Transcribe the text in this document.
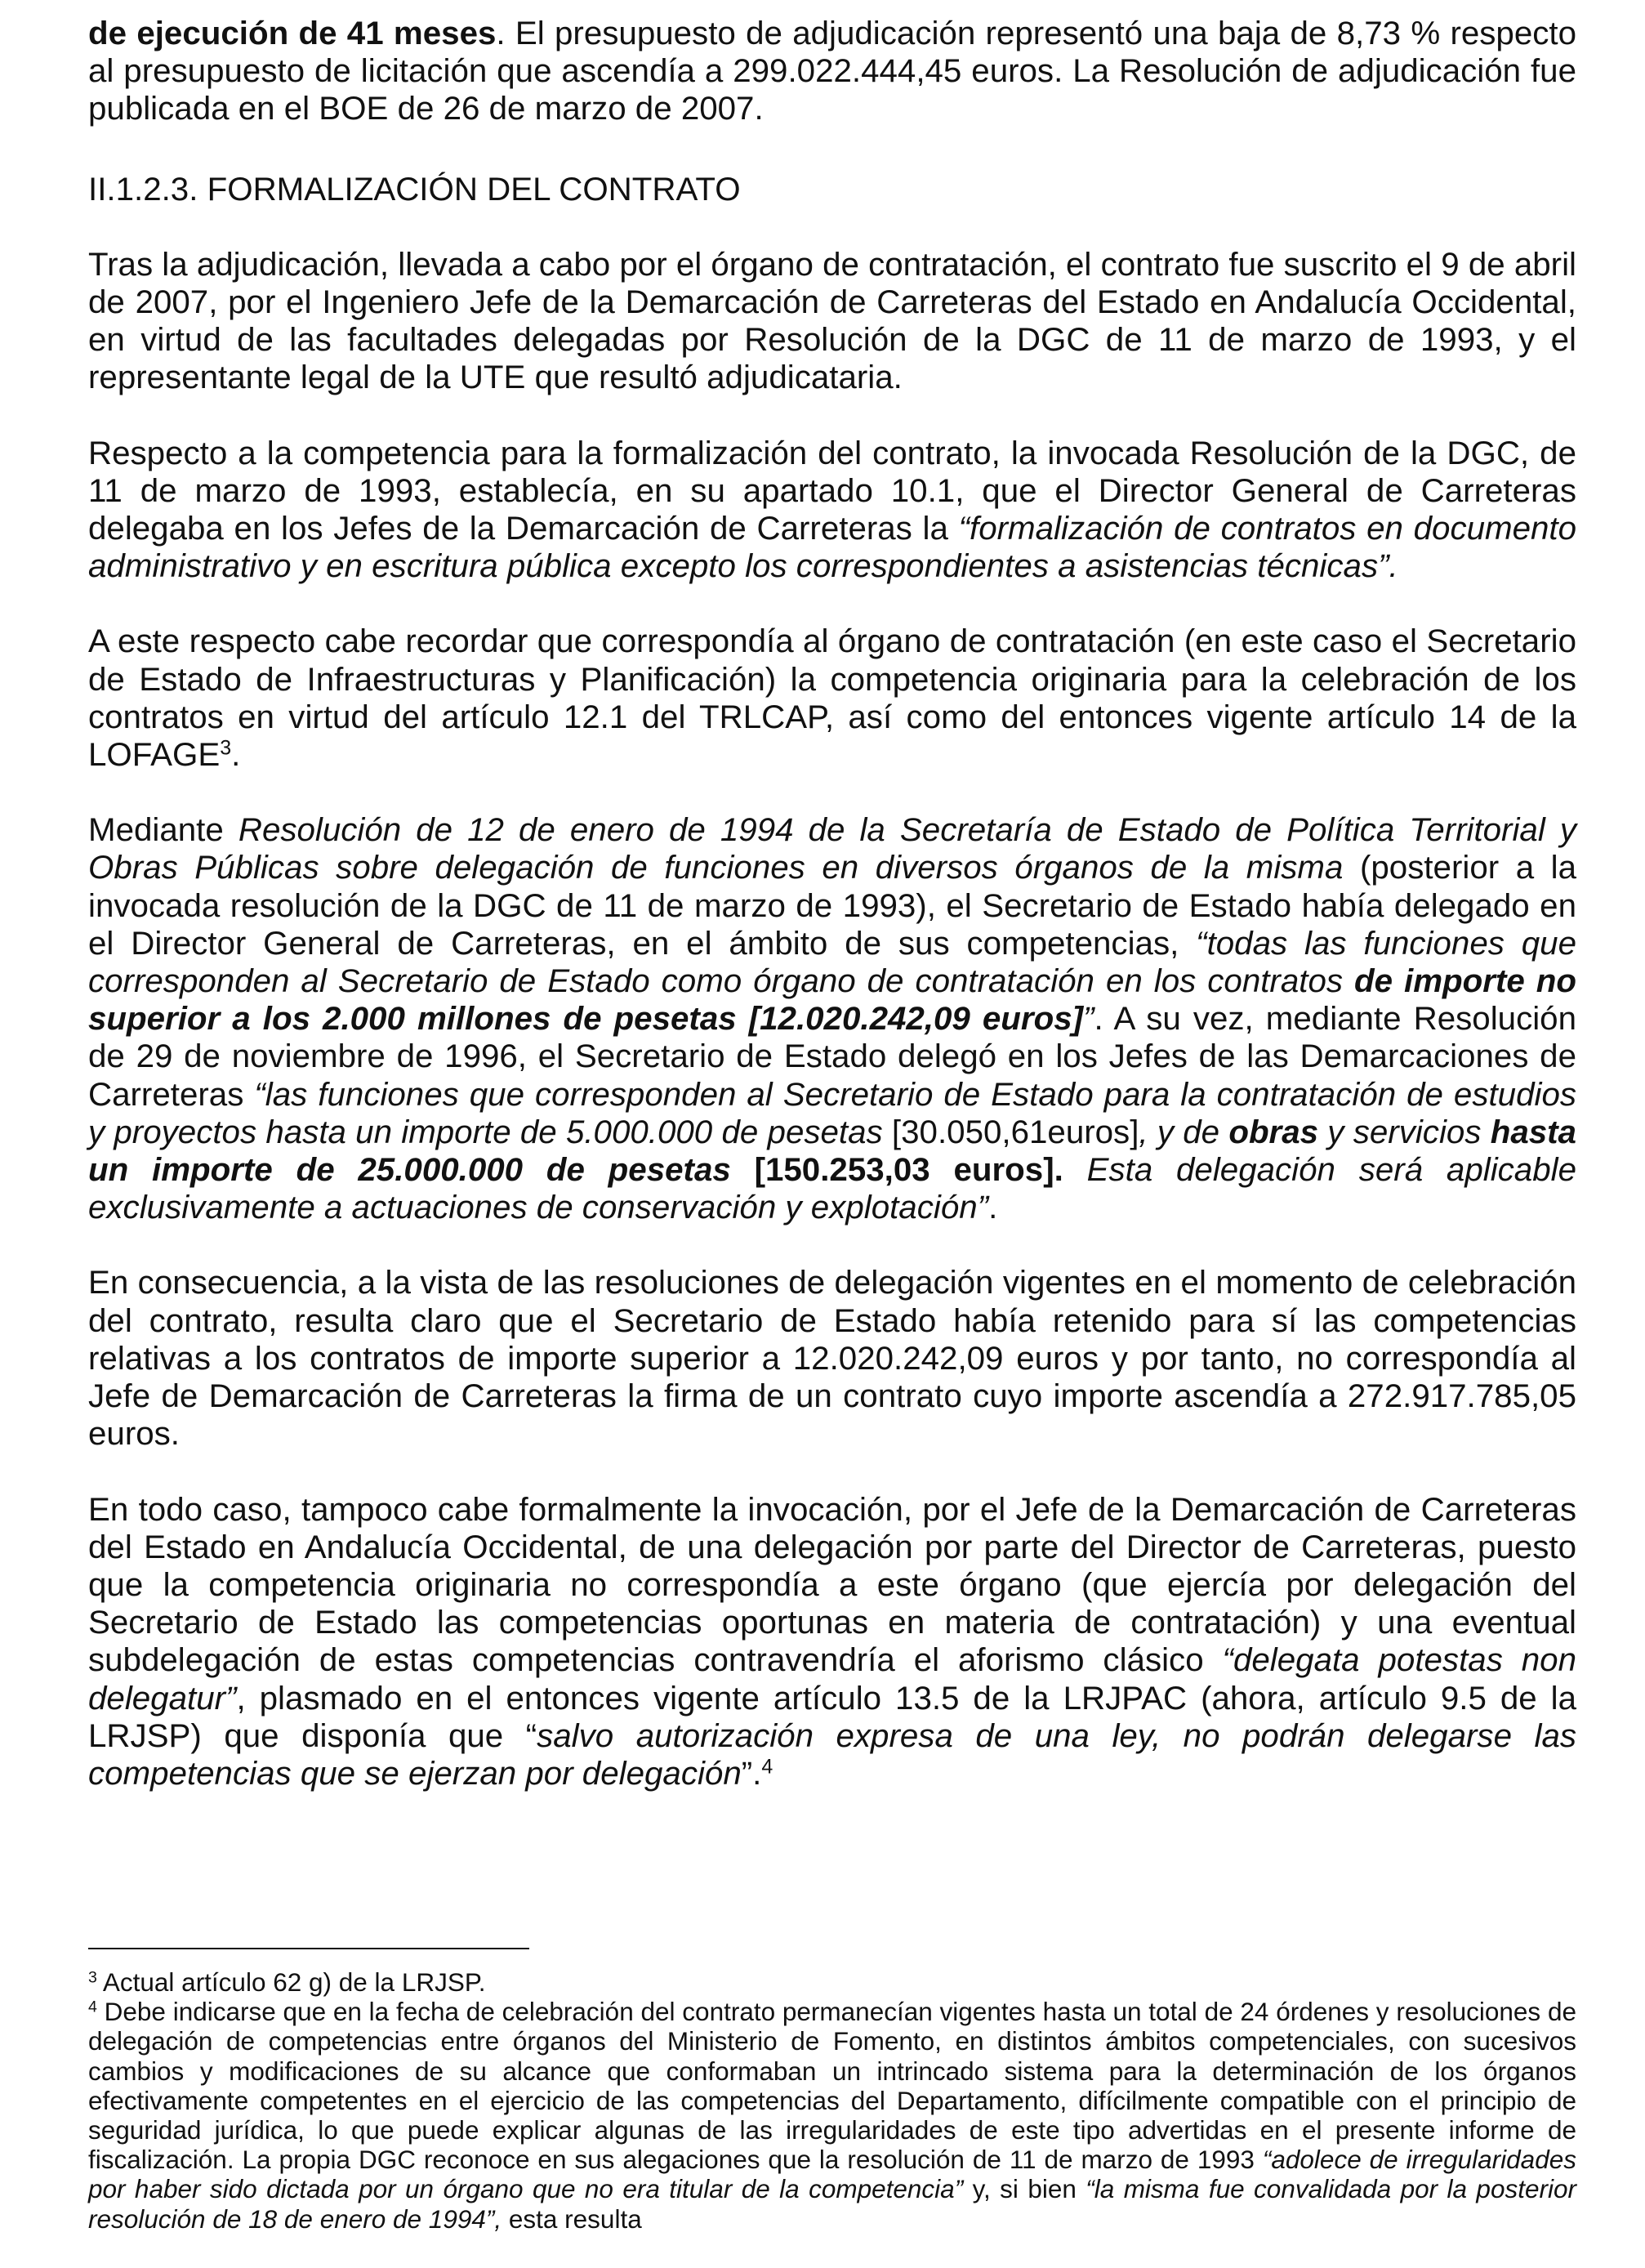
de ejecución de 41 meses. El presupuesto de adjudicación representó una baja de 8,73 % respecto al presupuesto de licitación que ascendía a 299.022.444,45 euros. La Resolución de adjudicación fue publicada en el BOE de 26 de marzo de 2007.

II.1.2.3. FORMALIZACIÓN DEL CONTRATO

Tras la adjudicación, llevada a cabo por el órgano de contratación, el contrato fue suscrito el 9 de abril de 2007, por el Ingeniero Jefe de la Demarcación de Carreteras del Estado en Andalucía Occidental, en virtud de las facultades delegadas por Resolución de la DGC de 11 de marzo de 1993, y el representante legal de la UTE que resultó adjudicataria.

Respecto a la competencia para la formalización del contrato, la invocada Resolución de la DGC, de 11 de marzo de 1993, establecía, en su apartado 10.1, que el Director General de Carreteras delegaba en los Jefes de la Demarcación de Carreteras la “formalización de contratos en documento administrativo y en escritura pública excepto los correspondientes a asistencias técnicas”.

A este respecto cabe recordar que correspondía al órgano de contratación (en este caso el Secretario de Estado de Infraestructuras y Planificación) la competencia originaria para la celebración de los contratos en virtud del artículo 12.1 del TRLCAP, así como del entonces vigente artículo 14 de la LOFAGE$^3$.

Mediante Resolución de 12 de enero de 1994 de la Secretaría de Estado de Política Territorial y Obras Públicas sobre delegación de funciones en diversos órganos de la misma (posterior a la invocada resolución de la DGC de 11 de marzo de 1993), el Secretario de Estado había delegado en el Director General de Carreteras, en el ámbito de sus competencias, “todas las funciones que corresponden al Secretario de Estado como órgano de contratación en los contratos de importe no superior a los 2.000 millones de pesetas [12.020.242,09 euros]”. A su vez, mediante Resolución de 29 de noviembre de 1996, el Secretario de Estado delegó en los Jefes de las Demarcaciones de Carreteras “las funciones que corresponden al Secretario de Estado para la contratación de estudios y proyectos hasta un importe de 5.000.000 de pesetas [30.050,61euros], y de obras y servicios hasta un importe de 25.000.000 de pesetas [150.253,03 euros]. Esta delegación será aplicable exclusivamente a actuaciones de conservación y explotación”.

En consecuencia, a la vista de las resoluciones de delegación vigentes en el momento de celebración del contrato, resulta claro que el Secretario de Estado había retenido para sí las competencias relativas a los contratos de importe superior a 12.020.242,09 euros y por tanto, no correspondía al Jefe de Demarcación de Carreteras la firma de un contrato cuyo importe ascendía a 272.917.785,05 euros.

En todo caso, tampoco cabe formalmente la invocación, por el Jefe de la Demarcación de Carreteras del Estado en Andalucía Occidental, de una delegación por parte del Director de Carreteras, puesto que la competencia originaria no correspondía a este órgano (que ejercía por delegación del Secretario de Estado las competencias oportunas en materia de contratación) y una eventual subdelegación de estas competencias contravendría el aforismo clásico “delegata potestas non delegatur”, plasmado en el entonces vigente artículo 13.5 de la LRJPAC (ahora, artículo 9.5 de la LRJSP) que disponía que “salvo autorización expresa de una ley, no podrán delegarse las competencias que se ejerzan por delegación”.$^4$

$^3$ Actual artículo 62 g) de la LRJSP.

$^4$ Debe indicarse que en la fecha de celebración del contrato permanecían vigentes hasta un total de 24 órdenes y resoluciones de delegación de competencias entre órganos del Ministerio de Fomento, en distintos ámbitos competenciales, con sucesivos cambios y modificaciones de su alcance que conformaban un intrincado sistema para la determinación de los órganos efectivamente competentes en el ejercicio de las competencias del Departamento, difícilmente compatible con el principio de seguridad jurídica, lo que puede explicar algunas de las irregularidades de este tipo advertidas en el presente informe de fiscalización. La propia DGC reconoce en sus alegaciones que la resolución de 11 de marzo de 1993 “adolece de irregularidades por haber sido dictada por un órgano que no era titular de la competencia” y, si bien “la misma fue convalidada por la posterior resolución de 18 de enero de 1994”, esta resulta
